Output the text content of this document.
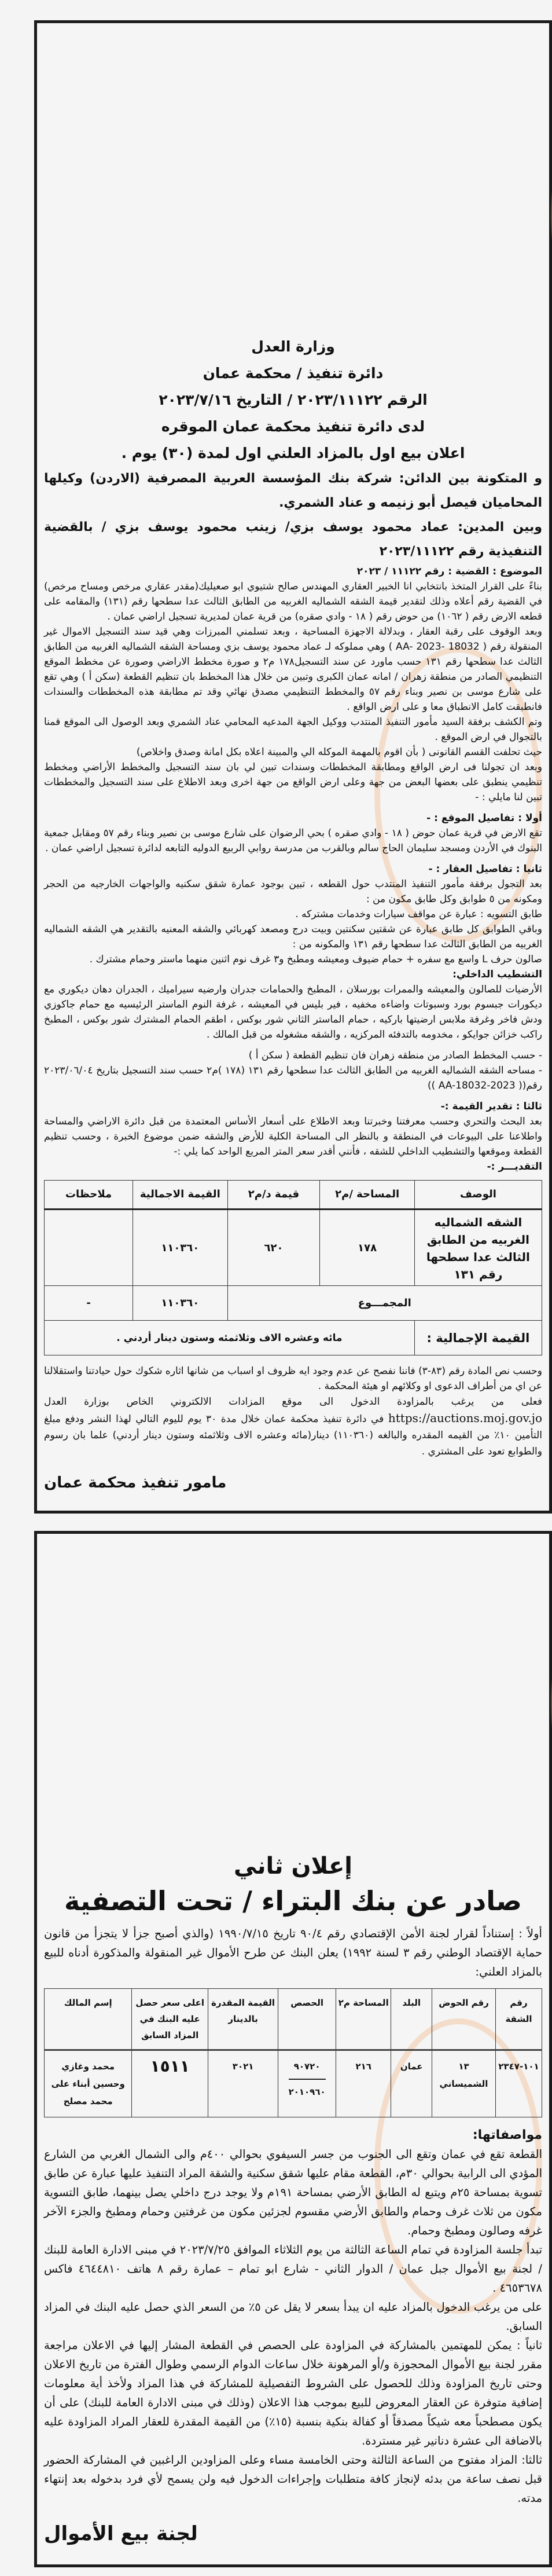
وزارة العدل
دائرة تنفيذ / محكمة عمان
الرقم ٢٠٢٣/١١١٢٢ / التاريخ ٢٠٢٣/٧/١٦
لدى دائرة تنفيذ محكمة عمان الموقره
اعلان بيع اول بالمزاد العلني اول لمدة (٣٠) يوم .
و المتكونة بين الدائن: شركة بنك المؤسسة العربية المصرفية (الاردن) وكيلها المحاميان فيصل أبو زنيمه و عناد الشمري.
وبين المدين: عماد محمود يوسف بزي/ زينب محمود يوسف بزي / بالقضية التنفيذية رقم ٢٠٢٣/١١١٢٢
الموضوع : القضية : رقم ١١١٢٢ / ٢٠٢٣
بناءً على القرار المتخذ بانتخابي انا الخبير العقاري المهندس صالح شتيوي ابو صعيليك(مقدر عقاري مرخص ومساح مرخص) في القضية رقم أعلاه وذلك لتقدير قيمة الشقه الشماليه الغربيه من الطابق الثالث عدا سطحها رقم (١٣١) والمقامه على قطعه الارض رقم ( ١٠٦٢) من حوض رقم ( ١٨ - وادي صقره) من قرية عمان لمديرية تسجيل اراضي عمان .
وبعد الوقوف على رقبة العقار ، وبدلالة الاجهزة المساحية ، وبعد تسلمني المبرزات وهي قيد سند التسجيل الاموال غير المنقولة رقم ( 18032 -AA- 2023 ) وهي مملوكه لـ عماد محمود يوسف بزي ومساحة الشقه الشماليه الغربيه من الطابق الثالث عدا سطحها رقم ١٣١ حسب ماورد عن سند التسجيل١٧٨ م٢ و صورة مخطط الاراضي وصورة عن مخطط الموقع التنظيمي الصادر من منطقة زهران / امانه عمان الكبرى وتبين من خلال هذا المخطط بان تنظيم القطعة (سكن أ ) وهي تقع على شارع موسى بن نصير وبناء رقم ٥٧ والمخطط التنظيمي مصدق نهائي وقد تم مطابقة هذه المخططات والسندات فانطبقت كامل الانطباق معا و على ارض الواقع .
وتم الكشف برفقة السيد مأمور التنفيذ المنتدب ووكيل الجهة المدعيه المحامي عناد الشمري وبعد الوصول الى الموقع قمنا بالتجوال في ارض الموقع .
حيث تحلفت القسم القانونى ( بأن اقوم بالمهمة الموكله الي والمبينة اعلاه بكل امانة وصدق واخلاص)
وبعد ان تجولنا فى ارض الواقع ومطابقة المخططات وسندات تبين لي بان سند التسجيل والمخطط الأراضي ومخطط تنظيمي ينطبق على بعضها البعض من جهة وعلى ارض الواقع من جهة اخرى وبعد الاطلاع على سند التسجيل والمخططات تبين لنا مايلي : -
أولا : تفاصيل الموقع : -
تقع الارض في قرية عمان حوض ( ١٨ - وادي صقره ) بحي الرضوان على شارع موسى بن نصير وبناء رقم ٥٧ ومقابل جمعية البنوك في الأردن ومسجد سليمان الحاج سالم وبالقرب من مدرسة روابي الربيع الدوليه التابعه لدائرة تسجيل اراضي عمان .
ثانيا : تفاصيل العقار : -
بعد التجول برفقة مأمور التنفيذ المنتدب حول القطعه ، تبين بوجود عمارة شقق سكنيه والواجهات الخارجيه من الحجر ومكونه من ٥ طوابق وكل طابق مكون من :
طابق التسويه : عبارة عن مواقف سيارات وخدمات مشتركه .
وباقي الطوابق كل طابق عبارة عن شقتين سكنتين وبيت درج ومصعد كهربائي والشقه المعنيه بالتقدير هي الشقه الشماليه الغربيه من الطابق الثالث عدا سطحها رقم ١٣١ والمكونه من :
صالون حرف L واسع مع سفره + حمام ضيوف ومعيشه ومطبخ و٣ غرف نوم اثنين منهما ماستر وحمام مشترك .
التشطيب الداخلي:
الأرضيات للصالون والمعيشه والممرات بورسلان ، المطبخ والحمامات جدران وارضيه سيراميك ، الجدران دهان ديكوري مع ديكورات جبسوم بورد وسبوتات واضاءه مخفيه ، فير بليس في المعيشه ، غرفة النوم الماستر الرئيسيه مع حمام جاكوزي ودش فاخر وغرفة ملابس ارضيتها باركيه ، حمام الماستر الثاني شور بوكس ، اطقم الحمام المشترك شور بوكس ، المطبخ راكب خزائن جوايكو ، مخدومه بالتدفئه المركزيه ، والشقه مشغوله من قبل المالك .
- حسب المخطط الصادر من منطقه زهران فان تنظيم القطعة ( سكن أ )
- مساحه الشقه الشماليه الغربيه من الطابق الثالث عدا سطحها رقم ١٣١ (١٧٨ )م٢ حسب سند التسجيل بتاريخ ٢٠٢٣/٠٦/٠٤ رقم(( 2023-AA-18032 ))
ثالثا : تقدير القيمة :-
بعد البحث والتحري وحسب معرفتنا وخبرتنا وبعد الاطلاع على أسعار الأساس المعتمدة من قبل دائرة الاراضي والمساحة واطلاعنا على البيوعات في المنطقة و بالنظر الى المساحة الكلية للأرض والشقه ضمن موضوع الخبرة ، وحسب تنظيم القطعة وموقعها والتشطيب الداخلي للشقه ، فأنني أقدر سعر المتر المربع الواحد كما يلي :-
التقديـــر :-
الوصف	المساحة /م٢	قيمة د/م٢	القيمة الاجمالية	ملاحظات
الشقه الشماليه الغربيه من الطابق الثالث عدا سطحها رقم ١٣١	١٧٨	٦٢٠	١١٠٣٦٠	
المجمـــوع			١١٠٣٦٠	-
القيمة الإجمالية :	مائه وعشره الاف وثلاثمئه وستون دينار أردني .			
وحسب نص المادة رقم (٨٣-٣) فاننا نفصح عن عدم وجود ايه ظروف او اسباب من شانها اثاره شكوك حول حيادتنا واستقلالنا عن اي من أطراف الدعوى او وكلائهم او هيئة المحكمة .
فعلى من يرغب بالمزاودة الدخول الى موقع المزادات الالكتروني الخاص بوزارة العدل https://auctions.moj.gov.jo في دائرة تنفيذ محكمة عمان خلال مدة ٣٠ يوم لليوم التالي لهذا النشر ودفع مبلغ التأمين ١٠٪ من القيمه المقدره والبالغه (١١٠٣٦٠) دينار(مائه وعشره الاف وثلاثمئه وستون دينار أردني) علما بان رسوم والطوابع تعود على المشتري .
مامور تنفيذ محكمة عمان

إعلان ثاني
صادر عن بنك البتراء / تحت التصفية
أولاً : إستناداً لقرار لجنة الأمن الإقتصادي رقم ٩٠/٤ تاريخ ١٩٩٠/٧/١٥ (والذي أصبح جزأ لا يتجزأ من قانون حماية الإقتصاد الوطني رقم ٣ لسنة ١٩٩٢) يعلن البنك عن طرح الأموال غير المنقولة والمذكورة أدناه للبيع بالمزاد العلني:
رقم الشقة	رقم الحوض	البلد	المساحة م٢	الحصص	القيمة المقدرة بالدينار	اعلى سعر حصل عليه البنك في المزاد السابق	إسم المالك
١٠١-٢٣٤٧	١٣ الشميساني	عمان	٢١٦	$\frac{٩٠٧٢٠}{٢٠١٠٩٦٠}$	٣٠٢١	١٥١١	محمد وغازي وحسين أبناء على محمد مصلح
مواصفاتها:
القطعة تقع في عمان وتقع الى الجنوب من جسر السيفوي بحوالي ٤٠٠م والى الشمال الغربي من الشارع المؤدي الى الرابية بحوالي ٣٠م، القطعة مقام عليها شقق سكنية والشقة المراد التنفيذ عليها عبارة عن طابق تسوية بمساحة ٢٥م ويتبع له الطابق الأرضي بمساحة ١٩١م ولا يوجد درج داخلي يصل بينهما، طابق التسوية مكون من ثلاث غرف وحمام والطابق الأرضي مقسوم لجزئين مكون من غرفتين وحمام ومطبخ والجزء الآخر غرفه وصالون ومطبخ وحمام.
تبدأ جلسة المزاودة في تمام الساعة الثالثة من يوم الثلاثاء الموافق ٢٠٢٣/٧/٢٥ في مبنى الادارة العامة للبنك / لجنة بيع الأموال جبل عمان / الدوار الثاني - شارع ابو تمام – عمارة رقم ٨ هاتف ٤٦٤٤٨١٠ فاكس ٤٦٥٣٦٧٨ .
على من يرغب الدخول بالمزاد عليه ان يبدأ بسعر لا يقل عن ٥٪ من السعر الذي حصل عليه البنك في المزاد السابق.
ثانياً : يمكن للمهتمين بالمشاركة في المزاودة على الحصص في القطعة المشار إليها في الاعلان مراجعة مقرر لجنة بيع الأموال المحجوزة و/أو المرهونة خلال ساعات الدوام الرسمي وطوال الفترة من تاريخ الاعلان وحتى تاريخ المزاودة وذلك للحصول على الشروط التفصيلية للمشاركة في هذا المزاد ولأخذ أية معلومات إضافية متوفرة عن العقار المعروض للبيع بموجب هذا الاعلان (وذلك في مبنى الادارة العامة للبنك) على أن يكون مصطحباً معه شيكاً مصدقاً أو كفالة بنكية بنسبة (١٥٪) من القيمة المقدرة للعقار المراد المزاودة عليه بالاضافة الى عشرة دنانير غير مستردة.
ثالثا: المزاد مفتوح من الساعة الثالثة وحتى الخامسة مساء وعلى المزاودين الراغبين في المشاركة الحضور قبل نصف ساعة من بدئه لإنجاز كافة متطلبات وإجراءات الدخول فيه ولن يسمح لأي فرد بدخوله بعد إنتهاء مدته.
لجنة بيع الأموال
